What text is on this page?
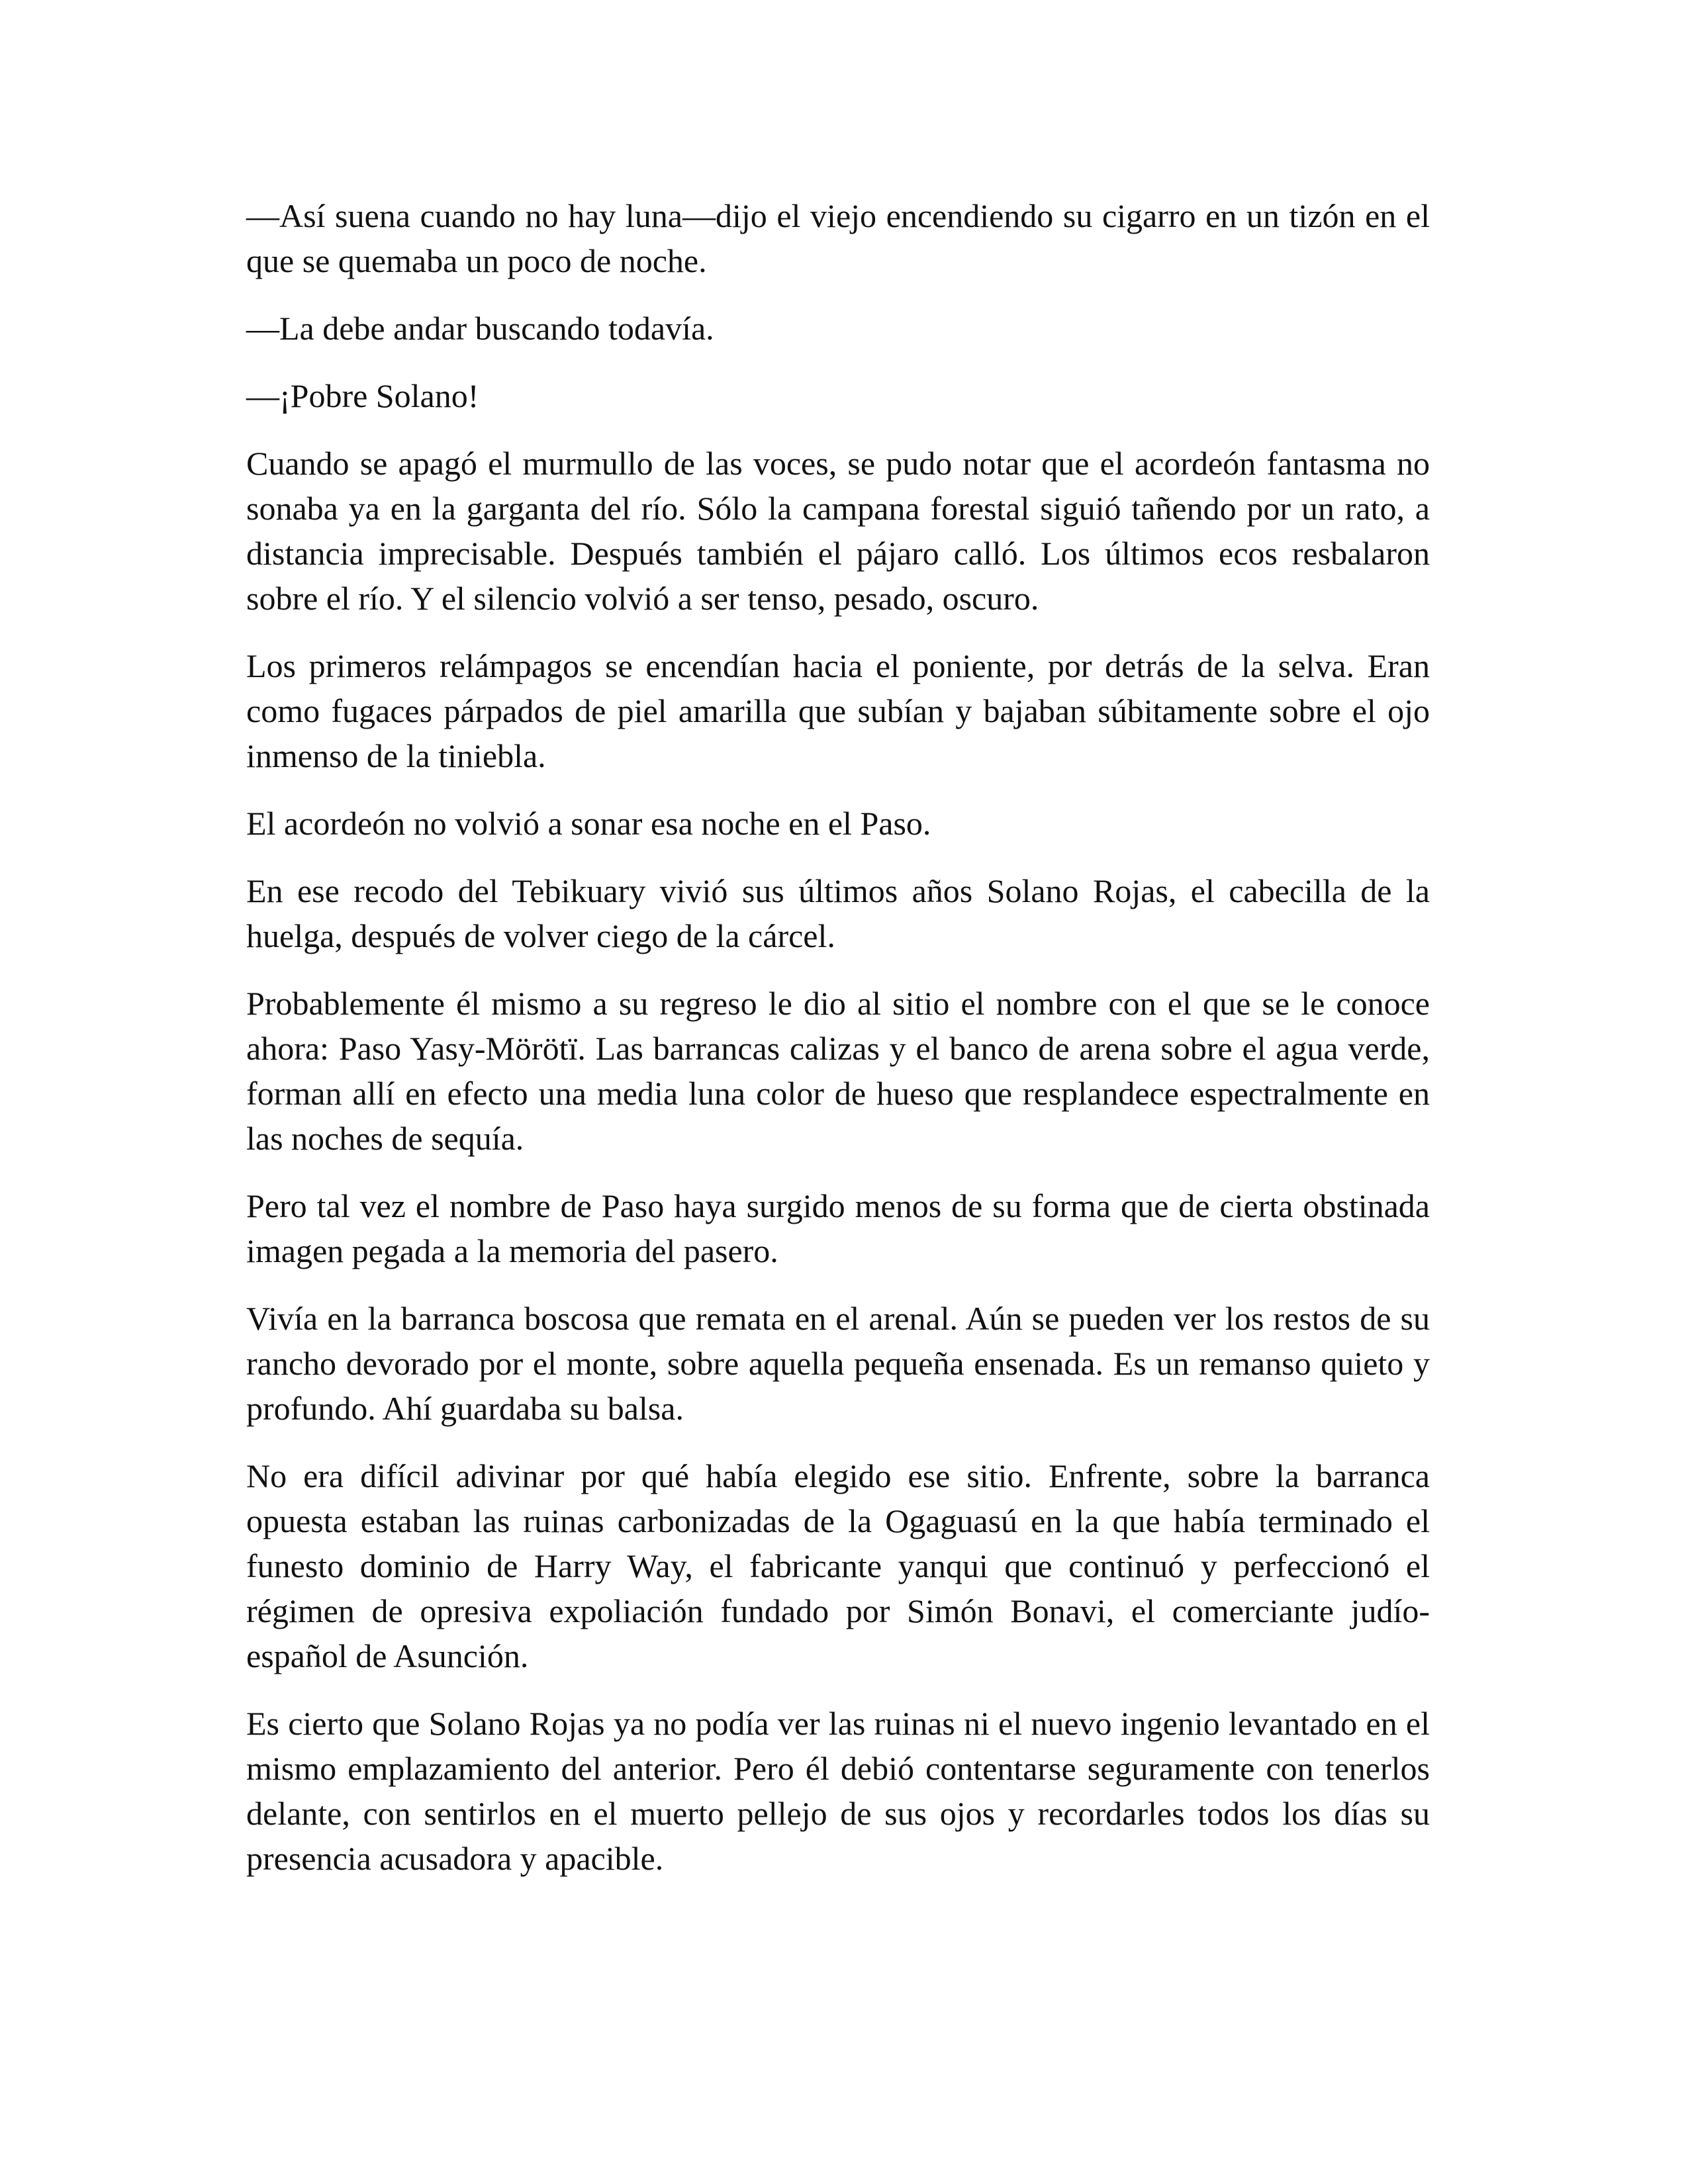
—Así suena cuando no hay luna—dijo el viejo encendiendo su cigarro en un tizón en el que se quemaba un poco de noche.

—La debe andar buscando todavía.

—¡Pobre Solano!

Cuando se apagó el murmullo de las voces, se pudo notar que el acordeón fantasma no sonaba ya en la garganta del río. Sólo la campana forestal siguió tañendo por un rato, a distancia imprecisable. Después también el pájaro calló. Los últimos ecos resbalaron sobre el río. Y el silencio volvió a ser tenso, pesado, oscuro.

Los primeros relámpagos se encendían hacia el poniente, por detrás de la selva. Eran como fugaces párpados de piel amarilla que subían y bajaban súbitamente sobre el ojo inmenso de la tiniebla.

El acordeón no volvió a sonar esa noche en el Paso.

En ese recodo del Tebikuary vivió sus últimos años Solano Rojas, el cabecilla de la huelga, después de volver ciego de la cárcel.

Probablemente él mismo a su regreso le dio al sitio el nombre con el que se le conoce ahora: Paso Yasy-Mörötï. Las barrancas calizas y el banco de arena sobre el agua verde, forman allí en efecto una media luna color de hueso que resplandece espectralmente en las noches de sequía.

Pero tal vez el nombre de Paso haya surgido menos de su forma que de cierta obstinada imagen pegada a la memoria del pasero.

Vivía en la barranca boscosa que remata en el arenal. Aún se pueden ver los restos de su rancho devorado por el monte, sobre aquella pequeña ensenada. Es un remanso quieto y profundo. Ahí guardaba su balsa.

No era difícil adivinar por qué había elegido ese sitio. Enfrente, sobre la barranca opuesta estaban las ruinas carbonizadas de la Ogaguasú en la que había terminado el funesto dominio de Harry Way, el fabricante yanqui que continuó y perfeccionó el régimen de opresiva expoliación fundado por Simón Bonavi, el comerciante judío-español de Asunción.

Es cierto que Solano Rojas ya no podía ver las ruinas ni el nuevo ingenio levantado en el mismo emplazamiento del anterior. Pero él debió contentarse seguramente con tenerlos delante, con sentirlos en el muerto pellejo de sus ojos y recordarles todos los días su presencia acusadora y apacible.
